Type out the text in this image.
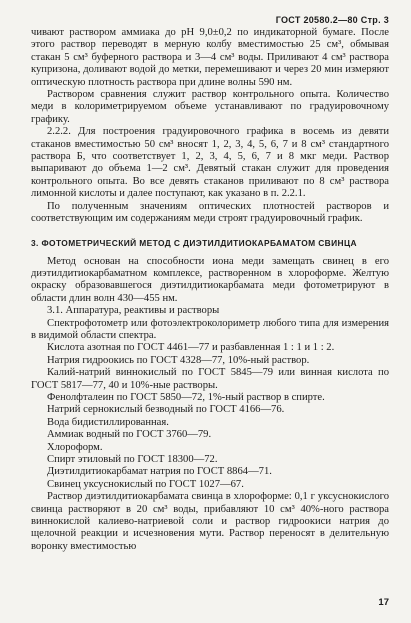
ГОСТ 20580.2—80 Стр. 3

чивают раствором аммиака до pH 9,0±0,2 по индикаторной бумаге. После этого раствор переводят в мерную колбу вместимостью 25 см³, обмывая стакан 5 см³ буферного раствора и 3—4 см³ воды. Приливают 4 см³ раствора купризона, доливают водой до метки, перемешивают и через 20 мин измеряют оптическую плотность раствора при длине волны 590 нм.

Раствором сравнения служит раствор контрольного опыта. Количество меди в колориметрируемом объеме устанавливают по градуировочному графику.

2.2.2. Для построения градуировочного графика в восемь из девяти стаканов вместимостью 50 см³ вносят 1, 2, 3, 4, 5, 6, 7 и 8 см³ стандартного раствора Б, что соответствует 1, 2, 3, 4, 5, 6, 7 и 8 мкг меди. Раствор выпаривают до объема 1—2 см³. Девятый стакан служит для проведения контрольного опыта. Во все девять стаканов приливают по 8 см³ раствора лимонной кислоты и далее поступают, как указано в п. 2.2.1.

По полученным значениям оптических плотностей растворов и соответствующим им содержаниям меди строят градуировочный график.

3. ФОТОМЕТРИЧЕСКИЙ МЕТОД С ДИЭТИЛДИТИОКАРБАМАТОМ СВИНЦА

Метод основан на способности иона меди замещать свинец в его диэтилдитиокарбаматном комплексе, растворенном в хлороформе. Желтую окраску образовавшегося диэтилдитиокарбамата меди фотометрируют в области длин волн 430—455 нм.

3.1. Аппаратура, реактивы и растворы

Спектрофотометр или фотоэлектроколориметр любого типа для измерения в видимой области спектра.

Кислота азотная по ГОСТ 4461—77 и разбавленная 1 : 1 и 1 : 2.

Натрия гидроокись по ГОСТ 4328—77, 10%-ный раствор.

Калий-натрий виннокислый по ГОСТ 5845—79 или винная кислота по ГОСТ 5817—77, 40 и 10%-ные растворы.

Фенолфталеин по ГОСТ 5850—72, 1%-ный раствор в спирте.

Натрий сернокислый безводный по ГОСТ 4166—76.

Вода бидистиллированная.

Аммиак водный по ГОСТ 3760—79.

Хлороформ.

Спирт этиловый по ГОСТ 18300—72.

Диэтилдитиокарбамат натрия по ГОСТ 8864—71.

Свинец уксуснокислый по ГОСТ 1027—67.

Раствор диэтилдитиокарбамата свинца в хлороформе: 0,1 г уксуснокислого свинца растворяют в 20 см³ воды, прибавляют 10 см³ 40%-ного раствора виннокислой калиево-натриевой соли и раствор гидроокиси натрия до щелочной реакции и исчезновения мути. Раствор переносят в делительную воронку вместимостью

17
